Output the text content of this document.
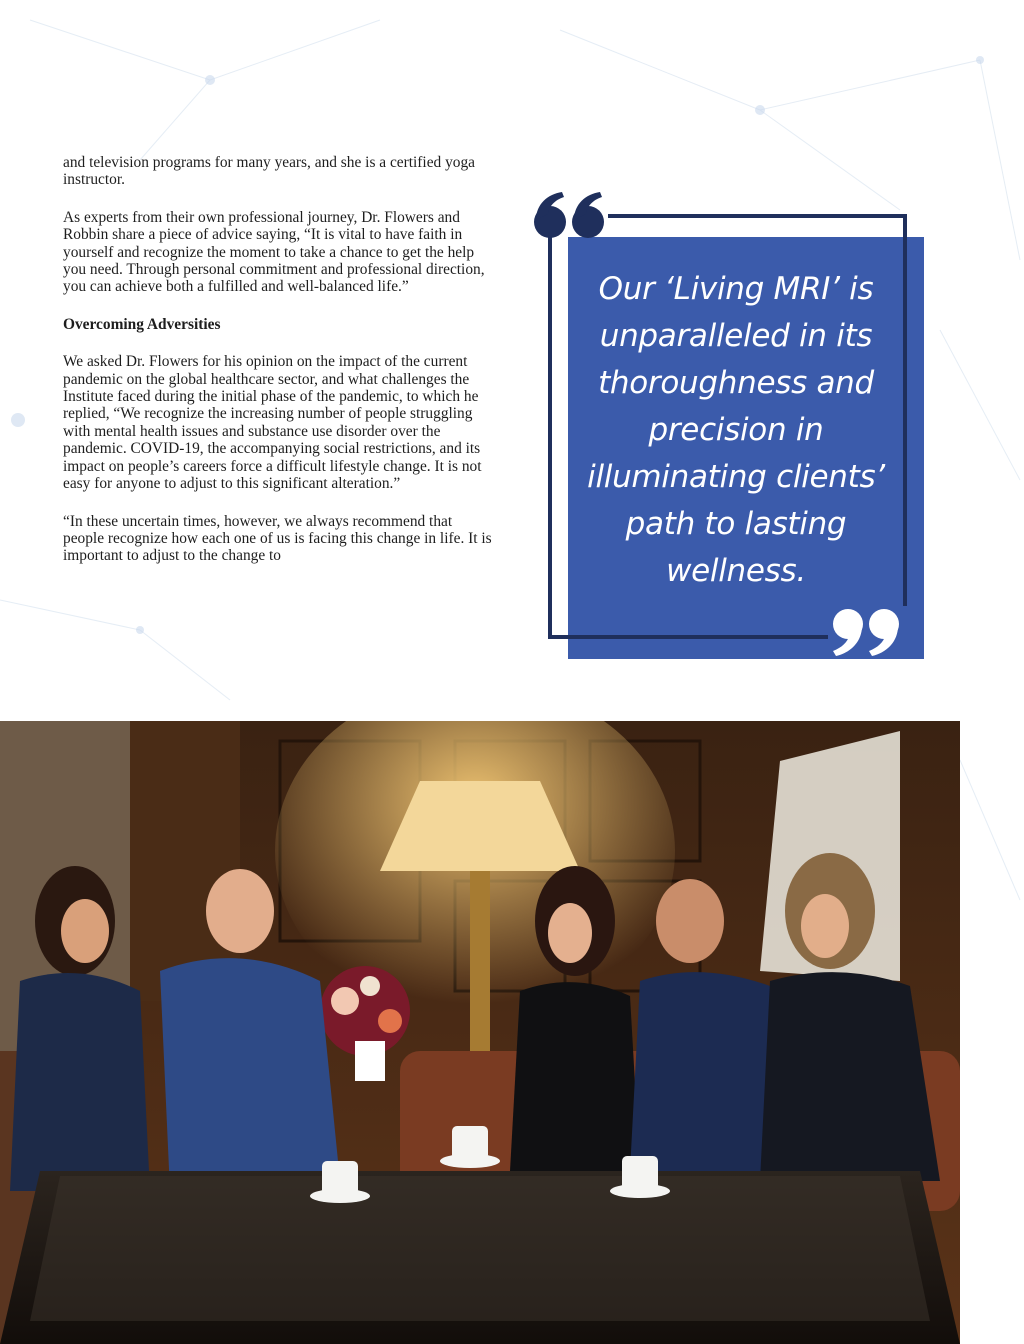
and television programs for many years, and she is a certified yoga instructor.

As experts from their own professional journey, Dr. Flowers and Robbin share a piece of advice saying, “It is vital to have faith in yourself and recognize the moment to take a chance to get the help you need. Through personal commitment and professional direction, you can achieve both a fulfilled and well-balanced life.”

Overcoming Adversities

We asked Dr. Flowers for his opinion on the impact of the current pandemic on the global healthcare sector, and what challenges the Institute faced during the initial phase of the pandemic, to which he replied, “We recognize the increasing number of people struggling with mental health issues and substance use disorder over the pandemic. COVID-19, the accompanying social restrictions, and its impact on people’s careers force a difficult lifestyle change. It is not easy for anyone to adjust to this significant alteration.”

“In these uncertain times, however, we always recommend that people recognize how each one of us is facing this change in life. It is important to adjust to the change to

Our ‘Living MRI’ is unparalleled in its thoroughness and precision in illuminating clients’ path to lasting wellness.
